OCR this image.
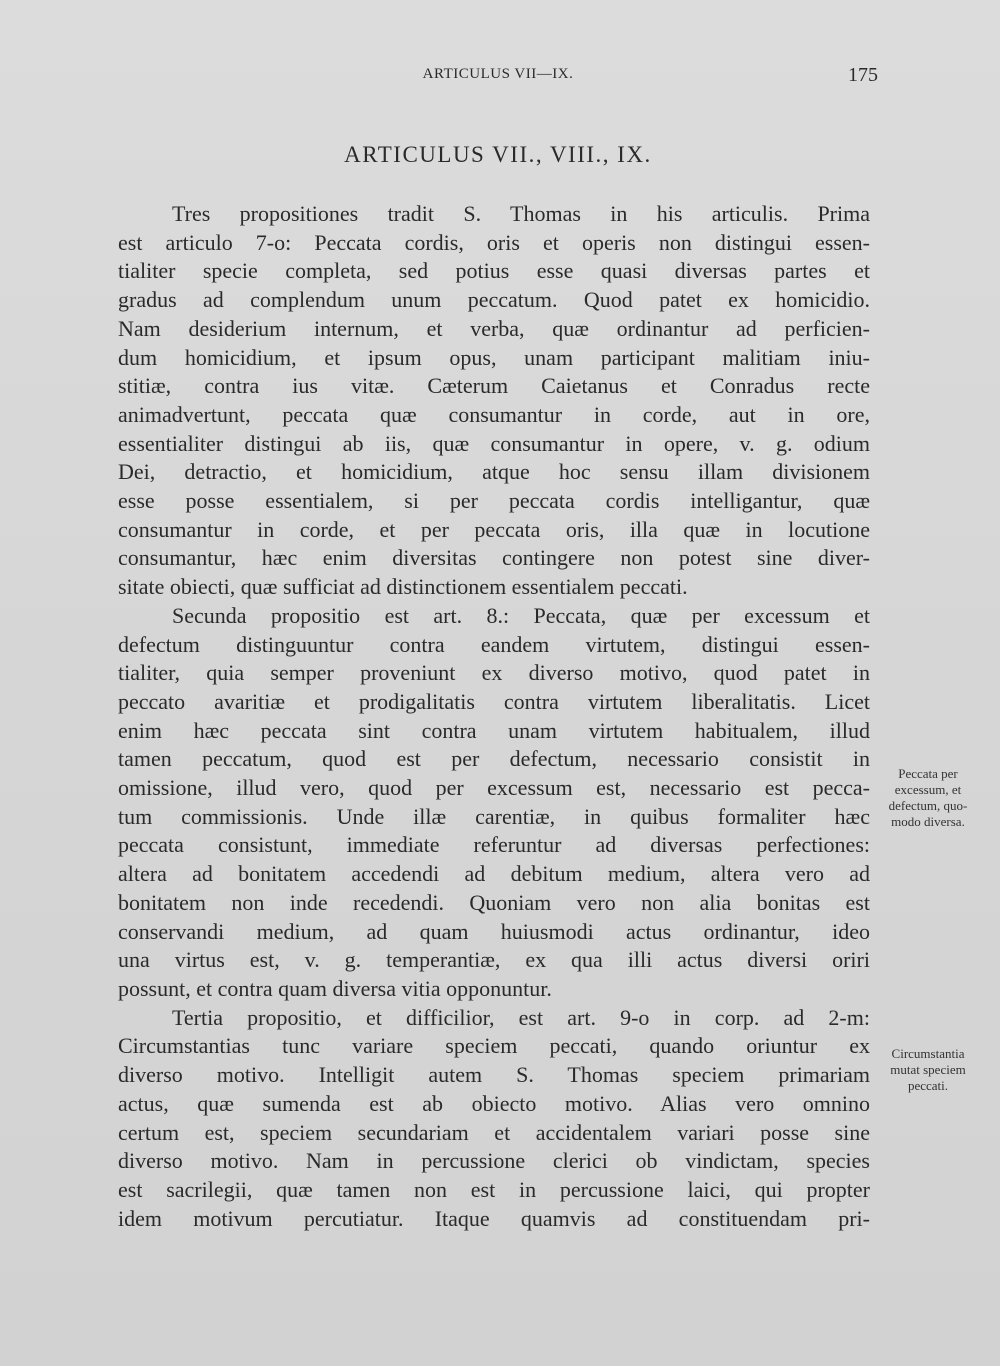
ARTICULUS VII—IX.	175
ARTICULUS VII., VIII., IX.
Tres propositiones tradit S. Thomas in his articulis. Prima
est articulo 7-o: Peccata cordis, oris et operis non distingui essen-
tialiter specie completa, sed potius esse quasi diversas partes et
gradus ad complendum unum peccatum. Quod patet ex homicidio.
Nam desiderium internum, et verba, quæ ordinantur ad perficien-
dum homicidium, et ipsum opus, unam participant malitiam iniu-
stitiæ, contra ius vitæ. Cæterum Caietanus et Conradus recte
animadvertunt, peccata quæ consumantur in corde, aut in ore,
essentialiter distingui ab iis, quæ consumantur in opere, v. g. odium
Dei, detractio, et homicidium, atque hoc sensu illam divisionem
esse posse essentialem, si per peccata cordis intelligantur, quæ
consumantur in corde, et per peccata oris, illa quæ in locutione
consumantur, hæc enim diversitas contingere non potest sine diver-
sitate obiecti, quæ sufficiat ad distinctionem essentialem peccati.
Secunda propositio est art. 8.: Peccata, quæ per excessum et
defectum distinguuntur contra eandem virtutem, distingui essen-
tialiter, quia semper proveniunt ex diverso motivo, quod patet in
peccato avaritiæ et prodigalitatis contra virtutem liberalitatis. Licet
enim hæc peccata sint contra unam virtutem habitualem, illud
tamen peccatum, quod est per defectum, necessario consistit in
omissione, illud vero, quod per excessum est, necessario est pecca-
tum commissionis. Unde illæ carentiæ, in quibus formaliter hæc
peccata consistunt, immediate referuntur ad diversas perfectiones:
altera ad bonitatem accedendi ad debitum medium, altera vero ad
bonitatem non inde recedendi. Quoniam vero non alia bonitas est
conservandi medium, ad quam huiusmodi actus ordinantur, ideo
una virtus est, v. g. temperantiæ, ex qua illi actus diversi oriri
possunt, et contra quam diversa vitia opponuntur.
Tertia propositio, et difficilior, est art. 9-o in corp. ad 2-m:
Circumstantias tunc variare speciem peccati, quando oriuntur ex
diverso motivo. Intelligit autem S. Thomas speciem primariam
actus, quæ sumenda est ab obiecto motivo. Alias vero omnino
certum est, speciem secundariam et accidentalem variari posse sine
diverso motivo. Nam in percussione clerici ob vindictam, species
est sacrilegii, quæ tamen non est in percussione laici, qui propter
idem motivum percutiatur. Itaque quamvis ad constituendam pri-
Peccata per
excessum, et
defectum, quo-
modo diversa.
Circumstantia
mutat speciem
peccati.
